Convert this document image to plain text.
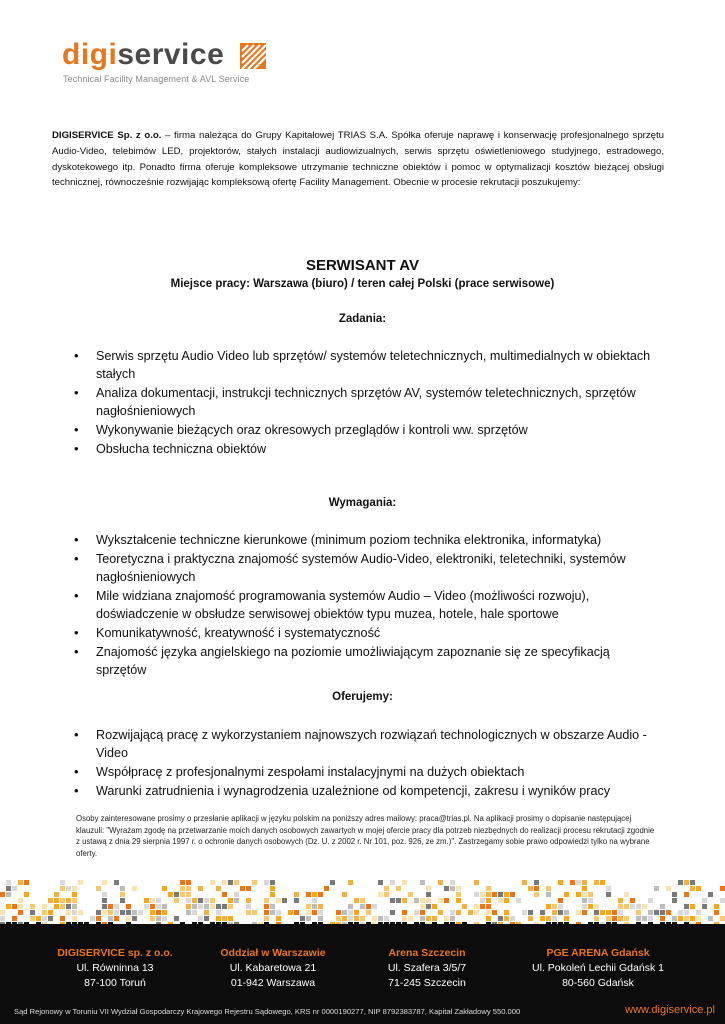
digiservice
Technical Facility Management & AVL Service
DIGISERVICE Sp. z o.o. – firma należąca do Grupy Kapitałowej TRIAS S.A. Spółka oferuje naprawę i konserwację profesjonalnego sprzętu Audio-Video, telebimów LED, projektorów, stałych instalacji audiowizualnych, serwis sprzętu oświetleniowego studyjnego, estradowego, dyskotekowego itp. Ponadto firma oferuje kompleksowe utrzymanie techniczne obiektów i pomoc w optymalizacji kosztów bieżącej obsługi technicznej, równocześnie rozwijając kompleksową ofertę Facility Management. Obecnie w procesie rekrutacji poszukujemy:
SERWISANT AV
Miejsce pracy: Warszawa (biuro) / teren całej Polski (prace serwisowe)
Zadania:
• Serwis sprzętu Audio Video lub sprzętów/ systemów teletechnicznych, multimedialnych w obiektach stałych
• Analiza dokumentacji, instrukcji technicznych sprzętów AV, systemów teletechnicznych, sprzętów nagłośnieniowych
• Wykonywanie bieżących oraz okresowych przeglądów i kontroli ww. sprzętów
• Obsłucha techniczna obiektów
Wymagania:
• Wykształcenie techniczne kierunkowe (minimum poziom technika elektronika, informatyka)
• Teoretyczna i praktyczna znajomość systemów Audio-Video, elektroniki, teletechniki, systemów nagłośnieniowych
• Mile widziana znajomość programowania systemów Audio – Video (możliwości rozwoju), doświadczenie w obsłudze serwisowej obiektów typu muzea, hotele, hale sportowe
• Komunikatywność, kreatywność i systematyczność
• Znajomość języka angielskiego na poziomie umożliwiającym zapoznanie się ze specyfikacją sprzętów
Oferujemy:
• Rozwijającą pracę z wykorzystaniem najnowszych rozwiązań technologicznych w obszarze Audio - Video
• Współpracę z profesjonalnymi zespołami instalacyjnymi na dużych obiektach
• Warunki zatrudnienia i wynagrodzenia uzależnione od kompetencji, zakresu i wyników pracy
Osoby zainteresowane prosimy o przesłanie aplikacji w języku polskim na poniższy adres mailowy: praca@trias.pl. Na aplikacji prosimy o dopisanie następującej klauzuli: "Wyrażam zgodę na przetwarzanie moich danych osobowych zawartych w mojej ofercie pracy dla potrzeb niezbędnych do realizacji procesu rekrutacji zgodnie z ustawą z dnia 29 sierpnia 1997 r. o ochronie danych osobowych (Dz. U. z 2002 r. Nr 101, poz. 926, ze zm.)". Zastrzegamy sobie prawo odpowiedzi tylko na wybrane oferty.
DIGISERVICE sp. z o.o.
Ul. Równinna 13
87-100 Toruń
Oddział w Warszawie
Ul. Kabaretowa 21
01-942 Warszawa
Arena Szczecin
Ul. Szafera 3/5/7
71-245 Szczecin
PGE ARENA Gdańsk
Ul. Pokoleń Lechii Gdańsk 1
80-560 Gdańsk
Sąd Rejonowy w Toruniu VII Wydział Gospodarczy Krajowego Rejestru Sądowego, KRS nr 0000190277, NIP 8792383787, Kapitał Zakładowy 550.000	www.digiservice.pl
